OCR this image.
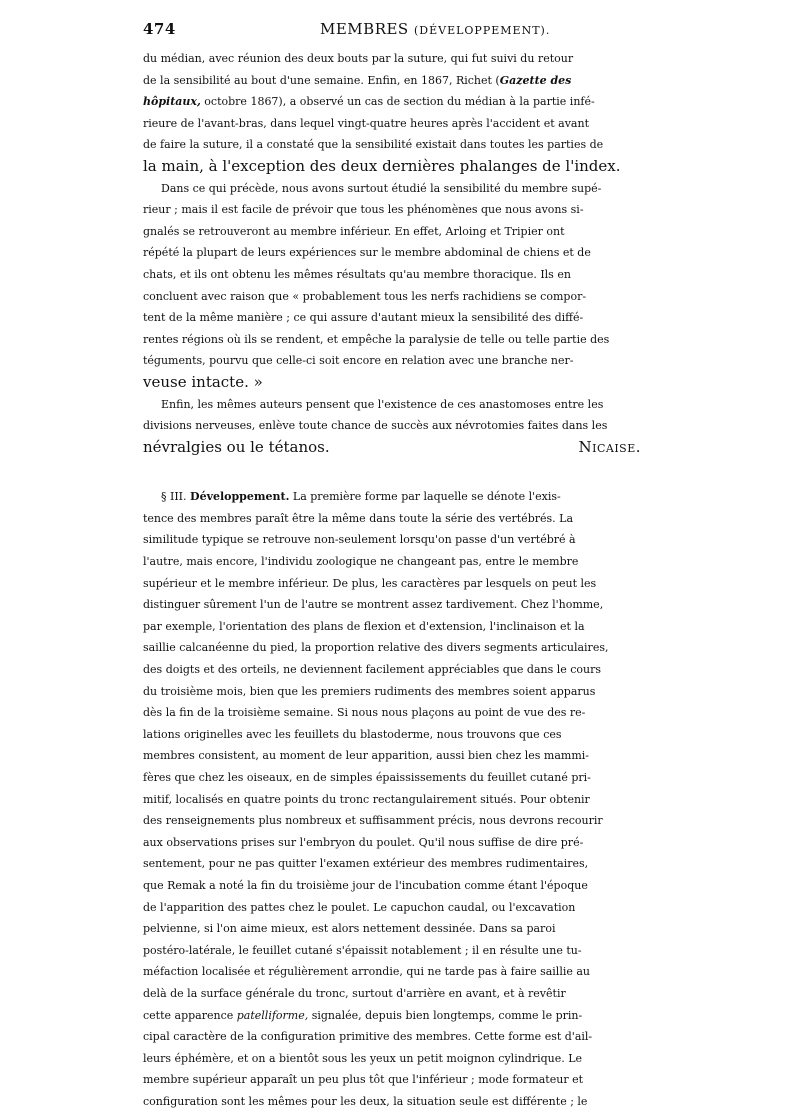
474	MEMBRES (DÉVELOPPEMENT).
du médian, avec réunion des deux bouts par la suture, qui fut suivi du retour
de la sensibilité au bout d'une semaine. Enfin, en 1867, Richet (Gazette des
hôpitaux, octobre 1867), a observé un cas de section du médian à la partie infé-
rieure de l'avant-bras, dans lequel vingt-quatre heures après l'accident et avant
de faire la suture, il a constaté que la sensibilité existait dans toutes les parties de
la main, à l'exception des deux dernières phalanges de l'index.
Dans ce qui précède, nous avons surtout étudié la sensibilité du membre supé-
rieur ; mais il est facile de prévoir que tous les phénomènes que nous avons si-
gnalés se retrouveront au membre inférieur. En effet, Arloing et Tripier ont
répété la plupart de leurs expériences sur le membre abdominal de chiens et de
chats, et ils ont obtenu les mêmes résultats qu'au membre thoracique. Ils en
concluent avec raison que « probablement tous les nerfs rachidiens se compor-
tent de la même manière ; ce qui assure d'autant mieux la sensibilité des diffé-
rentes régions où ils se rendent, et empêche la paralysie de telle ou telle partie des
téguments, pourvu que celle-ci soit encore en relation avec une branche ner-
veuse intacte. »
Enfin, les mêmes auteurs pensent que l'existence de ces anastomoses entre les
divisions nerveuses, enlève toute chance de succès aux névrotomies faites dans les
névralgies ou le tétanos.	Nicaise.
§ III. Développement. La première forme par laquelle se dénote l'exis-
tence des membres paraît être la même dans toute la série des vertébrés. La
similitude typique se retrouve non-seulement lorsqu'on passe d'un vertébré à
l'autre, mais encore, l'individu zoologique ne changeant pas, entre le membre
supérieur et le membre inférieur. De plus, les caractères par lesquels on peut les
distinguer sûrement l'un de l'autre se montrent assez tardivement. Chez l'homme,
par exemple, l'orientation des plans de flexion et d'extension, l'inclinaison et la
saillie calcanéenne du pied, la proportion relative des divers segments articulaires,
des doigts et des orteils, ne deviennent facilement appréciables que dans le cours
du troisième mois, bien que les premiers rudiments des membres soient apparus
dès la fin de la troisième semaine. Si nous nous plaçons au point de vue des re-
lations originelles avec les feuillets du blastoderme, nous trouvons que ces
membres consistent, au moment de leur apparition, aussi bien chez les mammi-
fères que chez les oiseaux, en de simples épaississements du feuillet cutané pri-
mitif, localisés en quatre points du tronc rectangulairement situés. Pour obtenir
des renseignements plus nombreux et suffisamment précis, nous devrons recourir
aux observations prises sur l'embryon du poulet. Qu'il nous suffise de dire pré-
sentement, pour ne pas quitter l'examen extérieur des membres rudimentaires,
que Remak a noté la fin du troisième jour de l'incubation comme étant l'époque
de l'apparition des pattes chez le poulet. Le capuchon caudal, ou l'excavation
pelvienne, si l'on aime mieux, est alors nettement dessinée. Dans sa paroi
postéro-latérale, le feuillet cutané s'épaissit notablement ; il en résulte une tu-
méfaction localisée et régulièrement arrondie, qui ne tarde pas à faire saillie au
delà de la surface générale du tronc, surtout d'arrière en avant, et à revêtir
cette apparence patelliforme, signalée, depuis bien longtemps, comme le prin-
cipal caractère de la configuration primitive des membres. Cette forme est d'ail-
leurs éphémère, et on a bientôt sous les yeux un petit moignon cylindrique. Le
membre supérieur apparaît un peu plus tôt que l'inférieur ; mode formateur et
configuration sont les mêmes pour les deux, la situation seule est différente ; le
